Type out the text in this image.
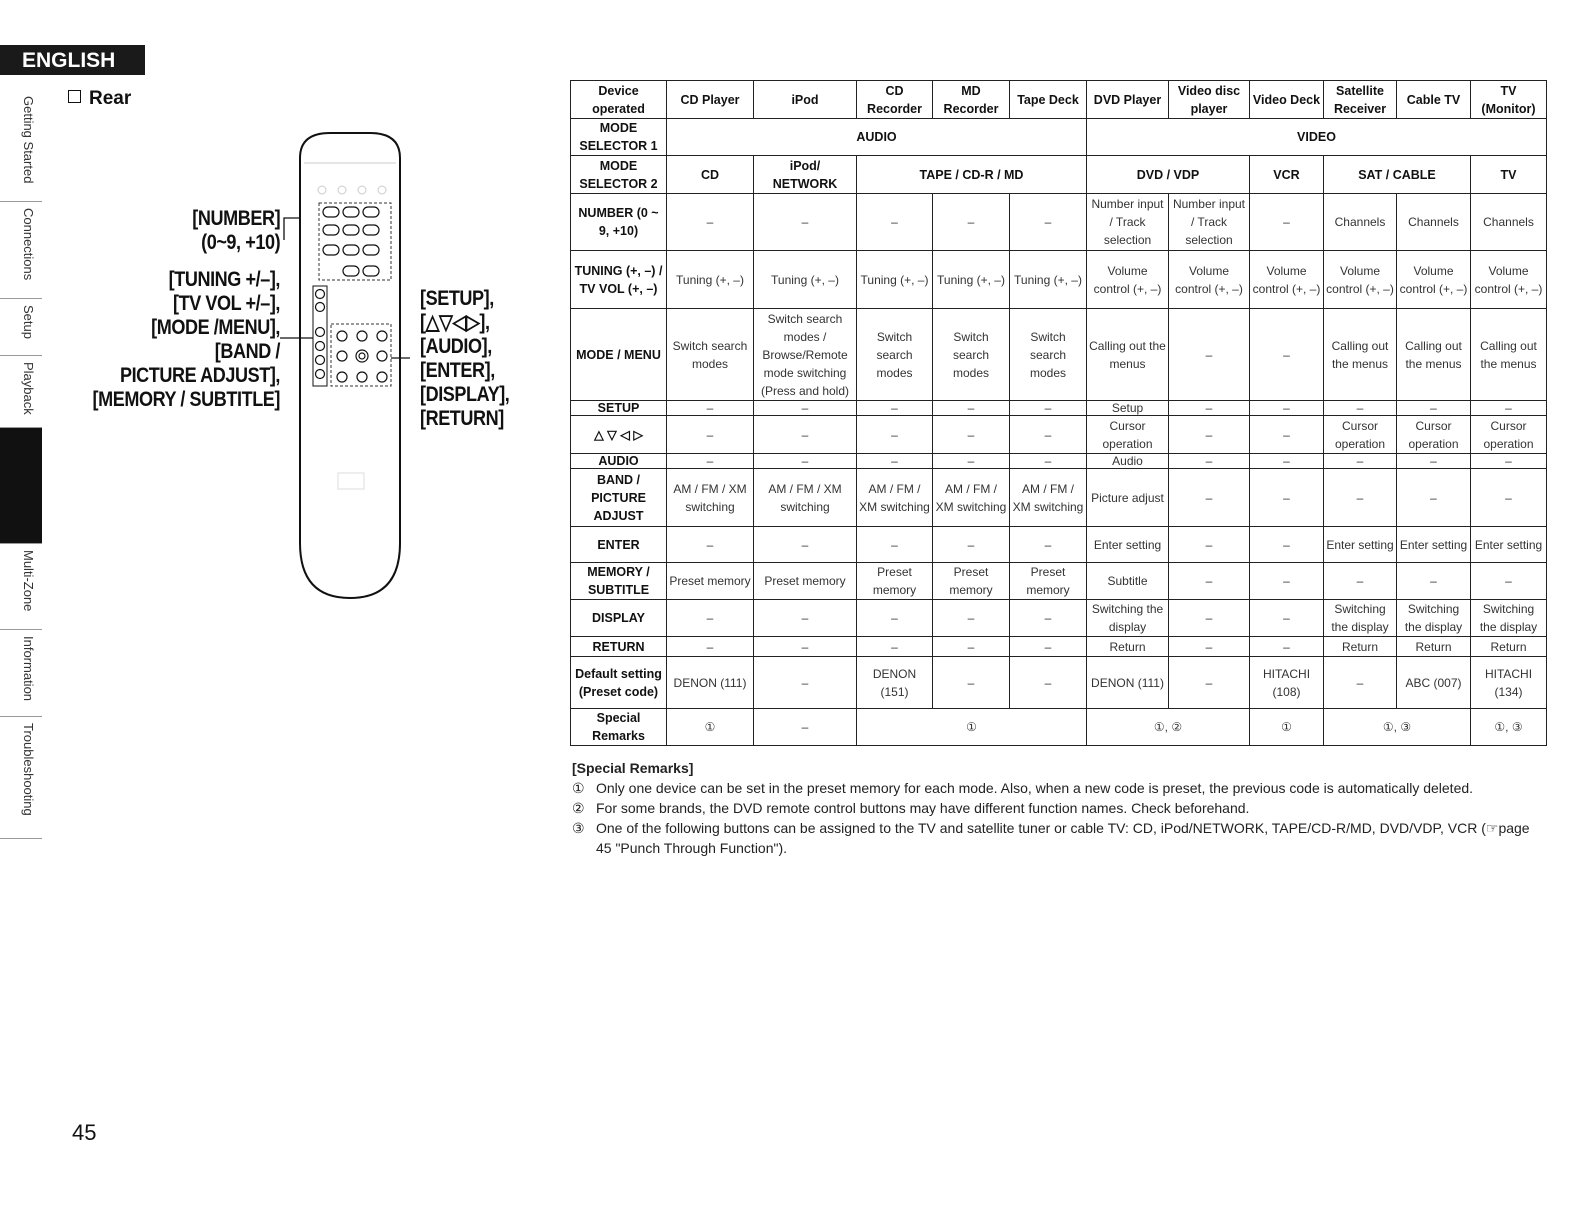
ENGLISH
Getting Started
Connections
Setup
Playback
Remote Control
Multi-Zone
Information
Troubleshooting
Rear
[NUMBER]
(0~9, +10)
[TUNING +/–],
[TV VOL +/–],
[MODE /MENU],
[BAND /
PICTURE ADJUST],
[MEMORY / SUBTITLE]
[SETUP],
[△▽◁▷],
[AUDIO],
[ENTER],
[DISPLAY],
[RETURN]
Device operated	CD Player	iPod	CD Recorder	MD Recorder	Tape Deck	DVD Player	Video disc player	Video Deck	Satellite Receiver	Cable TV	TV (Monitor)
MODE SELECTOR 1	AUDIO					VIDEO					
MODE SELECTOR 2	CD	iPod/ NETWORK	TAPE / CD-R / MD			DVD / VDP		VCR	SAT / CABLE		TV
NUMBER (0 ~ 9, +10)	–	–	–	–	–	Number input / Track selection	Number input / Track selection	–	Channels	Channels	Channels
TUNING (+, –) / TV VOL (+, –)	Tuning (+, –)	Tuning (+, –)	Tuning (+, –)	Tuning (+, –)	Tuning (+, –)	Volume control (+, –)	Volume control (+, –)	Volume control (+, –)	Volume control (+, –)	Volume control (+, –)	Volume control (+, –)
MODE / MENU	Switch search modes	Switch search modes / Browse/Remote mode switching (Press and hold)	Switch search modes	Switch search modes	Switch search modes	Calling out the menus	–	–	Calling out the menus	Calling out the menus	Calling out the menus
SETUP	–	–	–	–	–	Setup	–	–	–	–	–
△ ▽ ◁ ▷	–	–	–	–	–	Cursor operation	–	–	Cursor operation	Cursor operation	Cursor operation
AUDIO	–	–	–	–	–	Audio	–	–	–	–	–
BAND / PICTURE ADJUST	AM / FM / XM switching	AM / FM / XM switching	AM / FM / XM switching	AM / FM / XM switching	AM / FM / XM switching	Picture adjust	–	–	–	–	–
ENTER	–	–	–	–	–	Enter setting	–	–	Enter setting	Enter setting	Enter setting
MEMORY / SUBTITLE	Preset memory	Preset memory	Preset memory	Preset memory	Preset memory	Subtitle	–	–	–	–	–
DISPLAY	–	–	–	–	–	Switching the display	–	–	Switching the display	Switching the display	Switching the display
RETURN	–	–	–	–	–	Return	–	–	Return	Return	Return
Default setting (Preset code)	DENON (111)	–	DENON (151)	–	–	DENON (111)	–	HITACHI (108)	–	ABC (007)	HITACHI (134)
Special Remarks	①	–	①			①, ②		①	①, ③		①, ③
[Special Remarks]
① Only one device can be set in the preset memory for each mode. Also, when a new code is preset, the previous code is automatically deleted.
② For some brands, the DVD remote control buttons may have different function names. Check beforehand.
③ One of the following buttons can be assigned to the TV and satellite tuner or cable TV: CD, iPod/NETWORK, TAPE/CD-R/MD, DVD/VDP, VCR (☞page 45 "Punch Through Function").
45
